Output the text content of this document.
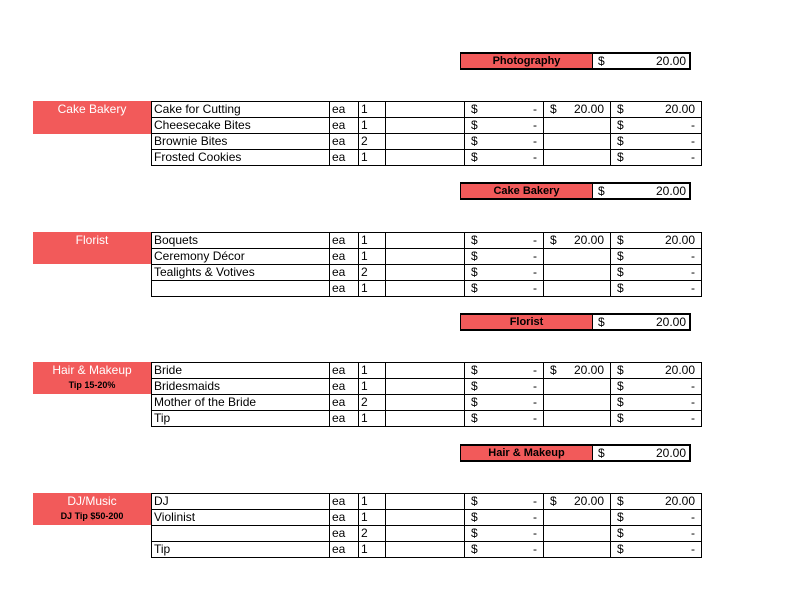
Photography	$	20.00
Cake Bakery	Cake for Cutting	ea	1		$ -	$ 20.00	$ 20.00

Cheesecake Bites	ea	1		$ -		$ -

Brownie Bites	ea	2		$ -		$ -

Frosted Cookies	ea	1		$ -		$ -
Cake Bakery	$	20.00
Florist	Boquets	ea	1		$ -	$ 20.00	$ 20.00

Ceremony Décor	ea	1		$ -		$ -

Tealights & Votives	ea	2		$ -		$ -

	ea	1		$ -		$ -
Florist	$	20.00
Hair & Makeup
Tip 15-20%
Bride	ea	1		$ -	$ 20.00	$ 20.00

Bridesmaids	ea	1		$ -		$ -

Mother of the Bride	ea	2		$ -		$ -

Tip	ea	1		$ -		$ -
Hair & Makeup	$	20.00
DJ/Music
DJ Tip $50-200
DJ	ea	1		$ -	$ 20.00	$ 20.00

Violinist	ea	1		$ -		$ -

	ea	2		$ -		$ -

Tip	ea	1		$ -		$ -
